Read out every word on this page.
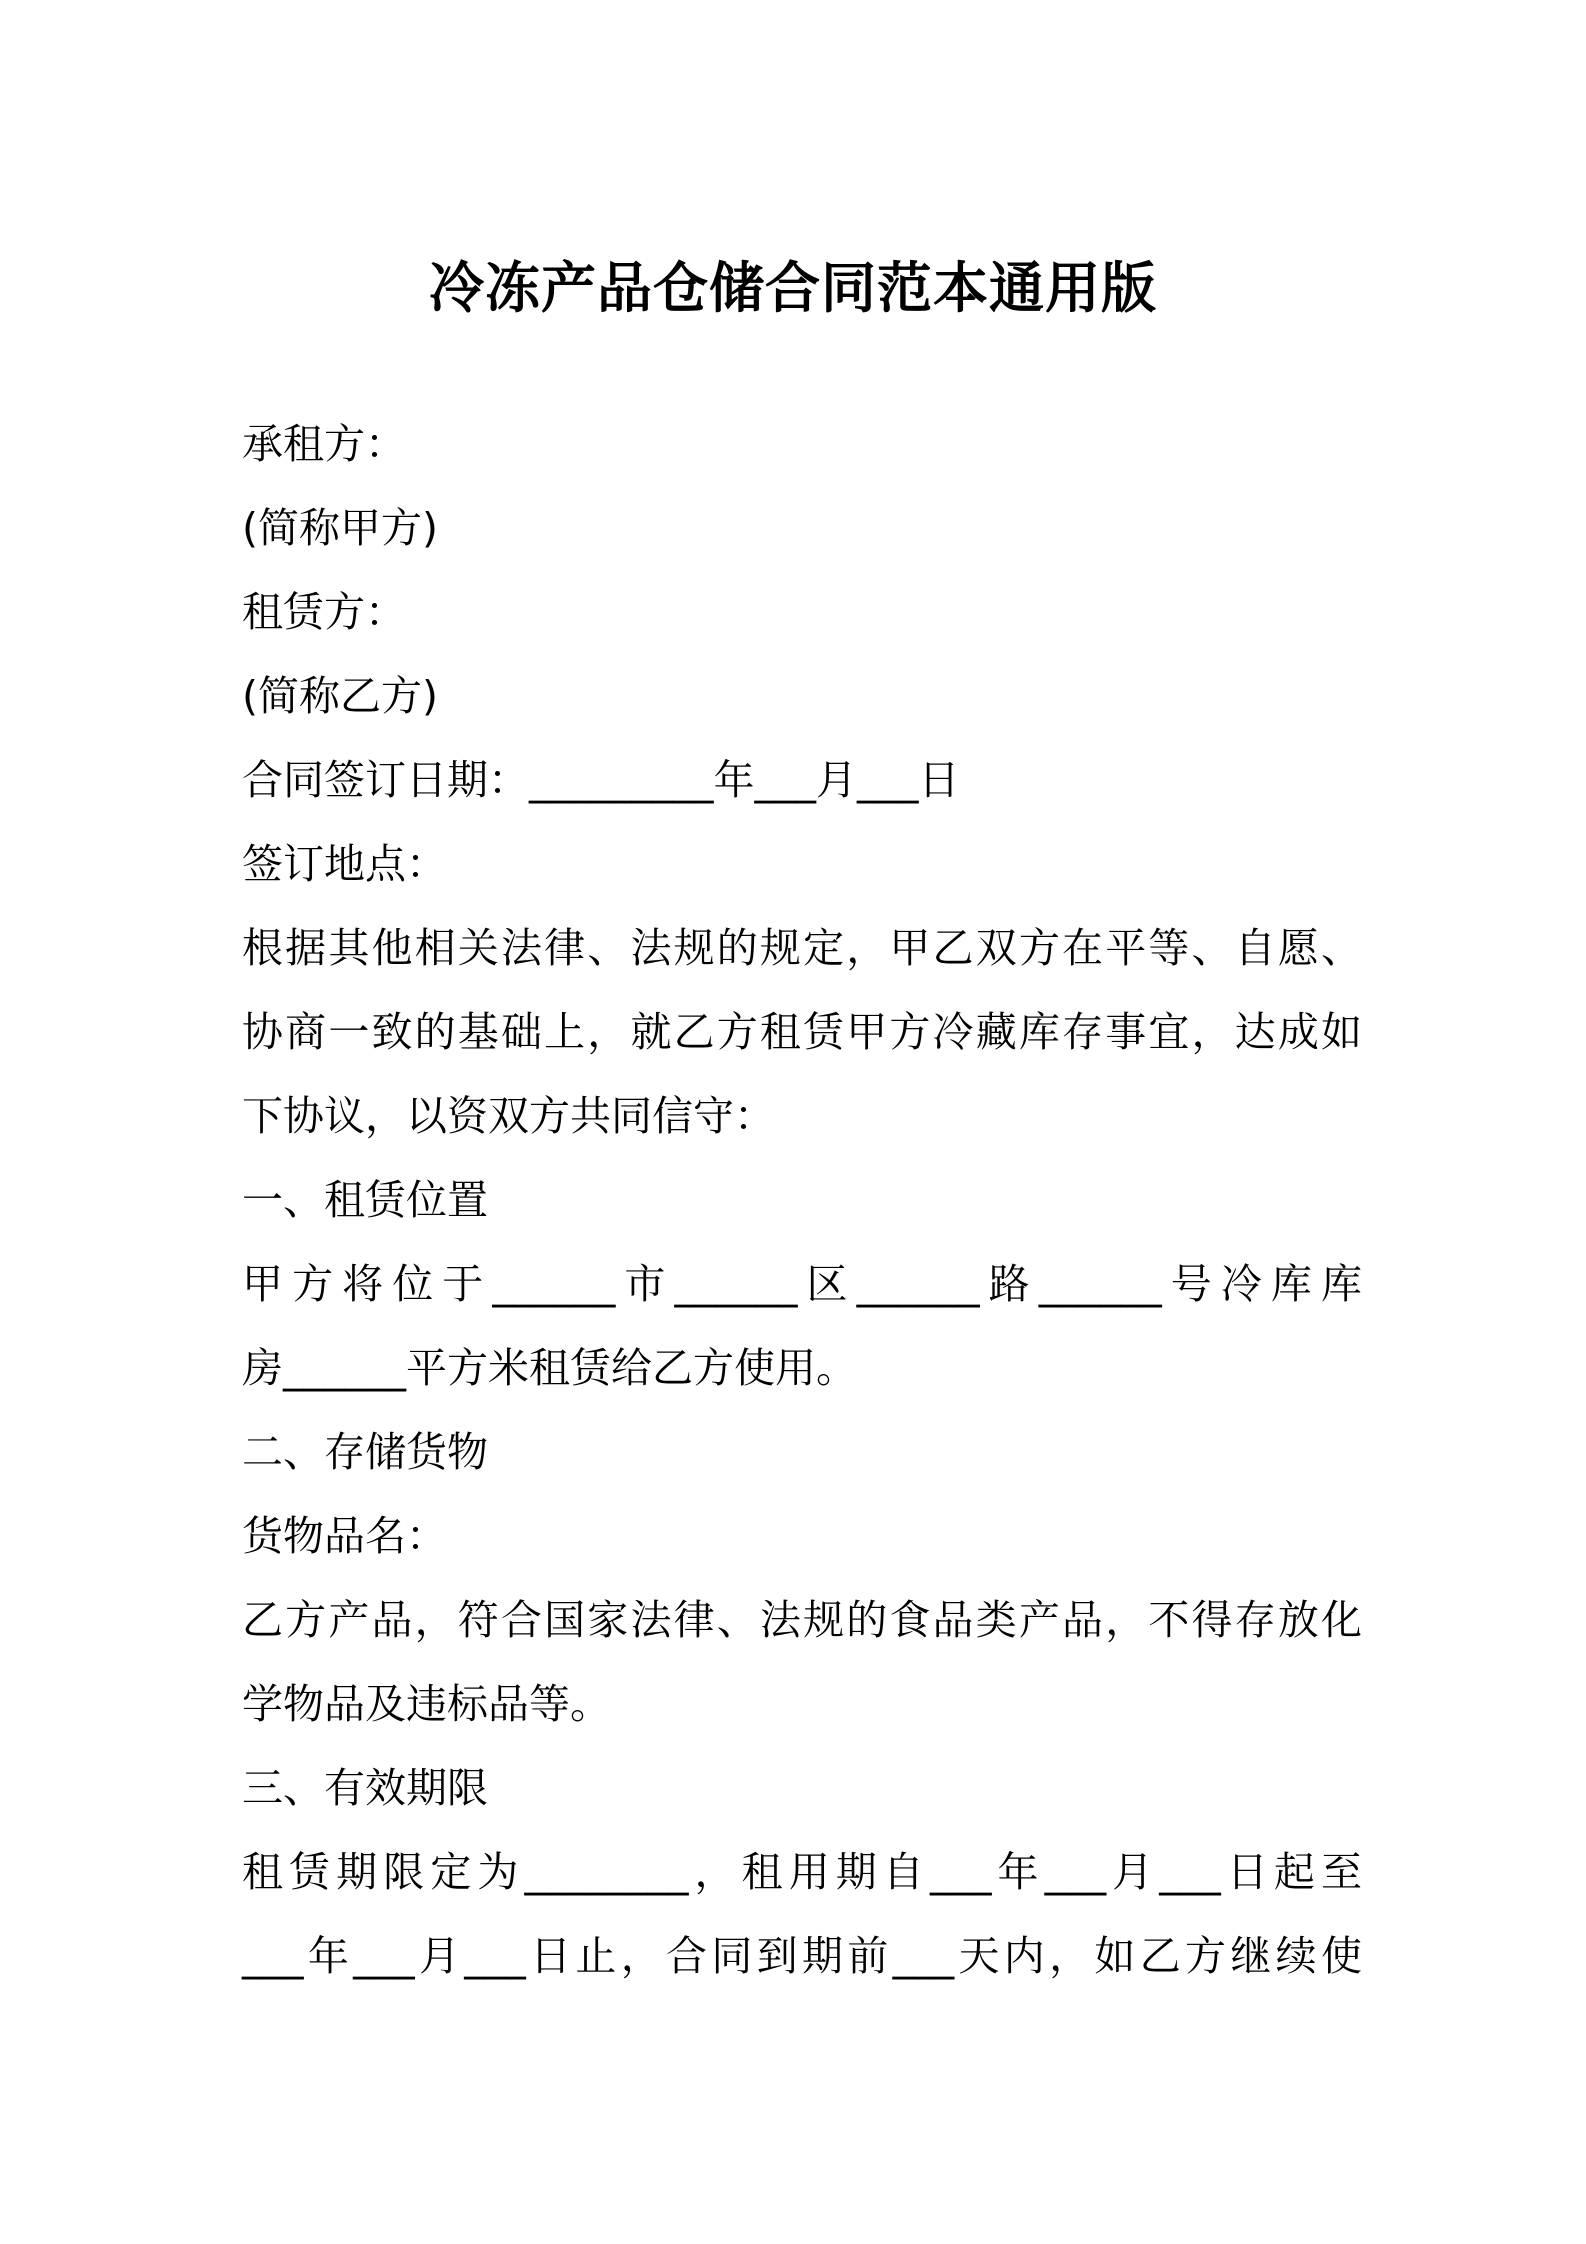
冷冻产品仓储合同范本通用版
承租方：
(简称甲方)
租赁方：
(简称乙方)
合同签订日期：_________年___月___日
签订地点：
根据其他相关法律、法规的规定，甲乙双方在平等、自愿、
协商一致的基础上，就乙方租赁甲方冷藏库存事宜，达成如
下协议，以资双方共同信守：
一、租赁位置
甲方将位于______市______区______路______号冷库库
房______平方米租赁给乙方使用。
二、存储货物
货物品名：
乙方产品，符合国家法律、法规的食品类产品，不得存放化
学物品及违标品等。
三、有效期限
租赁期限定为________，租用期自___年___月___日起至
___年___月___日止，合同到期前___天内，如乙方继续使
